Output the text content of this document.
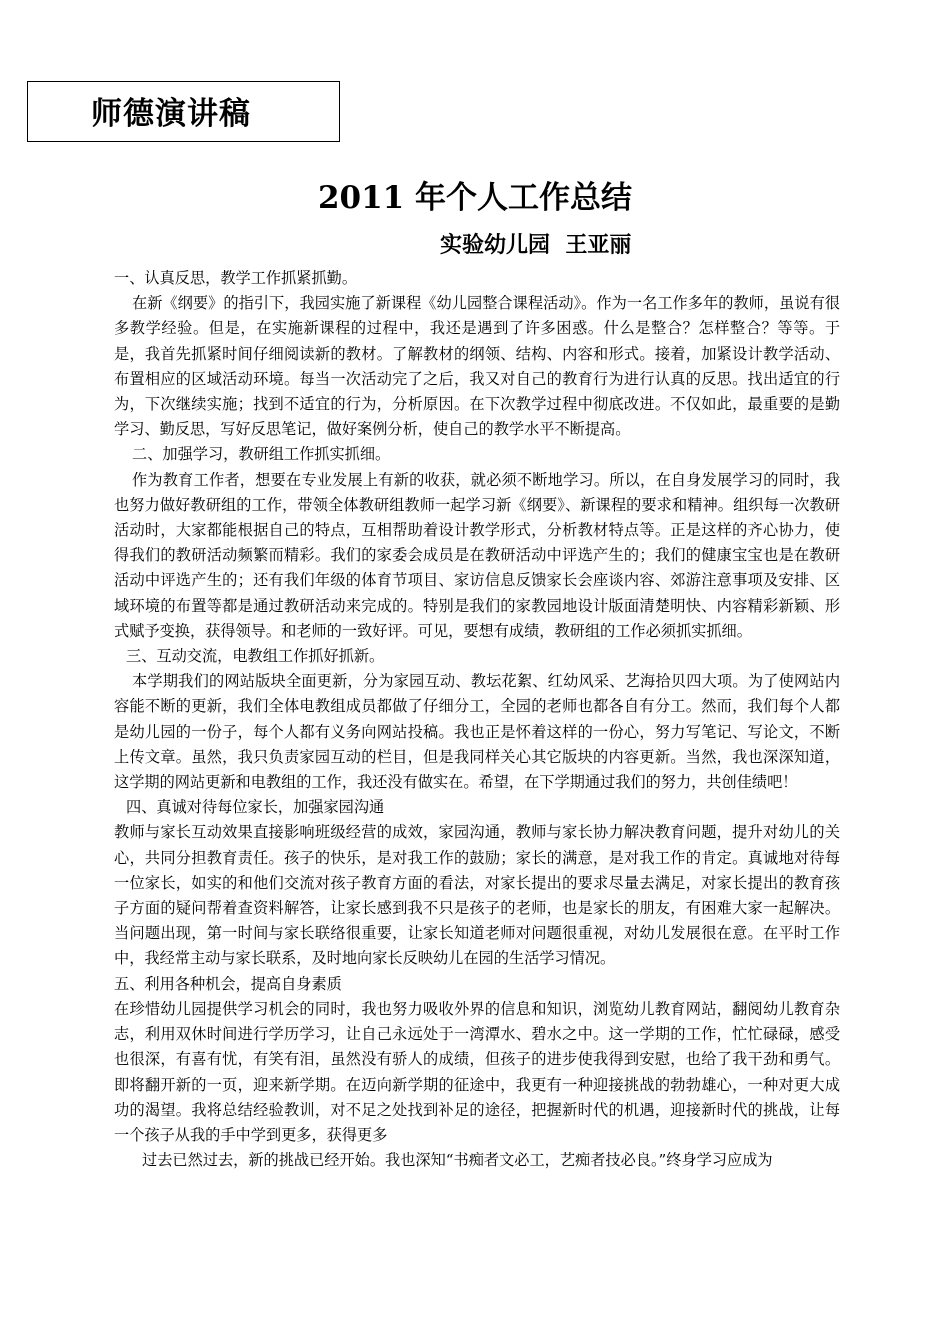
师德演讲稿
2011 年个人工作总结
实验幼儿园  王亚丽

一、认真反思，教学工作抓紧抓勤。

在新《纲要》的指引下，我园实施了新课程《幼儿园整合课程活动》。作为一名工作多年的教师，虽说有很多教学经验。但是，在实施新课程的过程中，我还是遇到了许多困惑。什么是整合？怎样整合？等等。于是，我首先抓紧时间仔细阅读新的教材。了解教材的纲领、结构、内容和形式。接着，加紧设计教学活动、布置相应的区域活动环境。每当一次活动完了之后，我又对自己的教育行为进行认真的反思。找出适宜的行为，下次继续实施；找到不适宜的行为，分析原因。在下次教学过程中彻底改进。不仅如此，最重要的是勤学习、勤反思，写好反思笔记，做好案例分析，使自己的教学水平不断提高。

二、加强学习，教研组工作抓实抓细。

作为教育工作者，想要在专业发展上有新的收获，就必须不断地学习。所以，在自身发展学习的同时，我也努力做好教研组的工作，带领全体教研组教师一起学习新《纲要》、新课程的要求和精神。组织每一次教研活动时，大家都能根据自己的特点，互相帮助着设计教学形式，分析教材特点等。正是这样的齐心协力，使得我们的教研活动频繁而精彩。我们的家委会成员是在教研活动中评选产生的；我们的健康宝宝也是在教研活动中评选产生的；还有我们年级的体育节项目、家访信息反馈家长会座谈内容、郊游注意事项及安排、区域环境的布置等都是通过教研活动来完成的。特别是我们的家教园地设计版面清楚明快、内容精彩新颖、形式赋予变换，获得领导。和老师的一致好评。可见，要想有成绩，教研组的工作必须抓实抓细。

三、互动交流，电教组工作抓好抓新。

本学期我们的网站版块全面更新，分为家园互动、教坛花絮、红幼风采、艺海拾贝四大项。为了使网站内容能不断的更新，我们全体电教组成员都做了仔细分工，全园的老师也都各自有分工。然而，我们每个人都是幼儿园的一份子，每个人都有义务向网站投稿。我也正是怀着这样的一份心，努力写笔记、写论文，不断上传文章。虽然，我只负责家园互动的栏目，但是我同样关心其它版块的内容更新。当然，我也深深知道，这学期的网站更新和电教组的工作，我还没有做实在。希望，在下学期通过我们的努力，共创佳绩吧！

四、真诚对待每位家长，加强家园沟通

教师与家长互动效果直接影响班级经营的成效，家园沟通，教师与家长协力解决教育问题，提升对幼儿的关心，共同分担教育责任。孩子的快乐，是对我工作的鼓励；家长的满意，是对我工作的肯定。真诚地对待每一位家长，如实的和他们交流对孩子教育方面的看法，对家长提出的要求尽量去满足，对家长提出的教育孩子方面的疑问帮着查资料解答，让家长感到我不只是孩子的老师，也是家长的朋友，有困难大家一起解决。当问题出现，第一时间与家长联络很重要，让家长知道老师对问题很重视，对幼儿发展很在意。在平时工作中，我经常主动与家长联系，及时地向家长反映幼儿在园的生活学习情况。

五、利用各种机会，提高自身素质

在珍惜幼儿园提供学习机会的同时，我也努力吸收外界的信息和知识，浏览幼儿教育网站，翻阅幼儿教育杂志，利用双休时间进行学历学习，让自己永远处于一湾潭水、碧水之中。这一学期的工作，忙忙碌碌，感受也很深，有喜有忧，有笑有泪，虽然没有骄人的成绩，但孩子的进步使我得到安慰，也给了我干劲和勇气。即将翻开新的一页，迎来新学期。在迈向新学期的征途中，我更有一种迎接挑战的勃勃雄心，一种对更大成功的渴望。我将总结经验教训，对不足之处找到补足的途径，把握新时代的机遇，迎接新时代的挑战，让每一个孩子从我的手中学到更多，获得更多

过去已然过去，新的挑战已经开始。我也深知“书痴者文必工，艺痴者技必良。”终身学习应成为
